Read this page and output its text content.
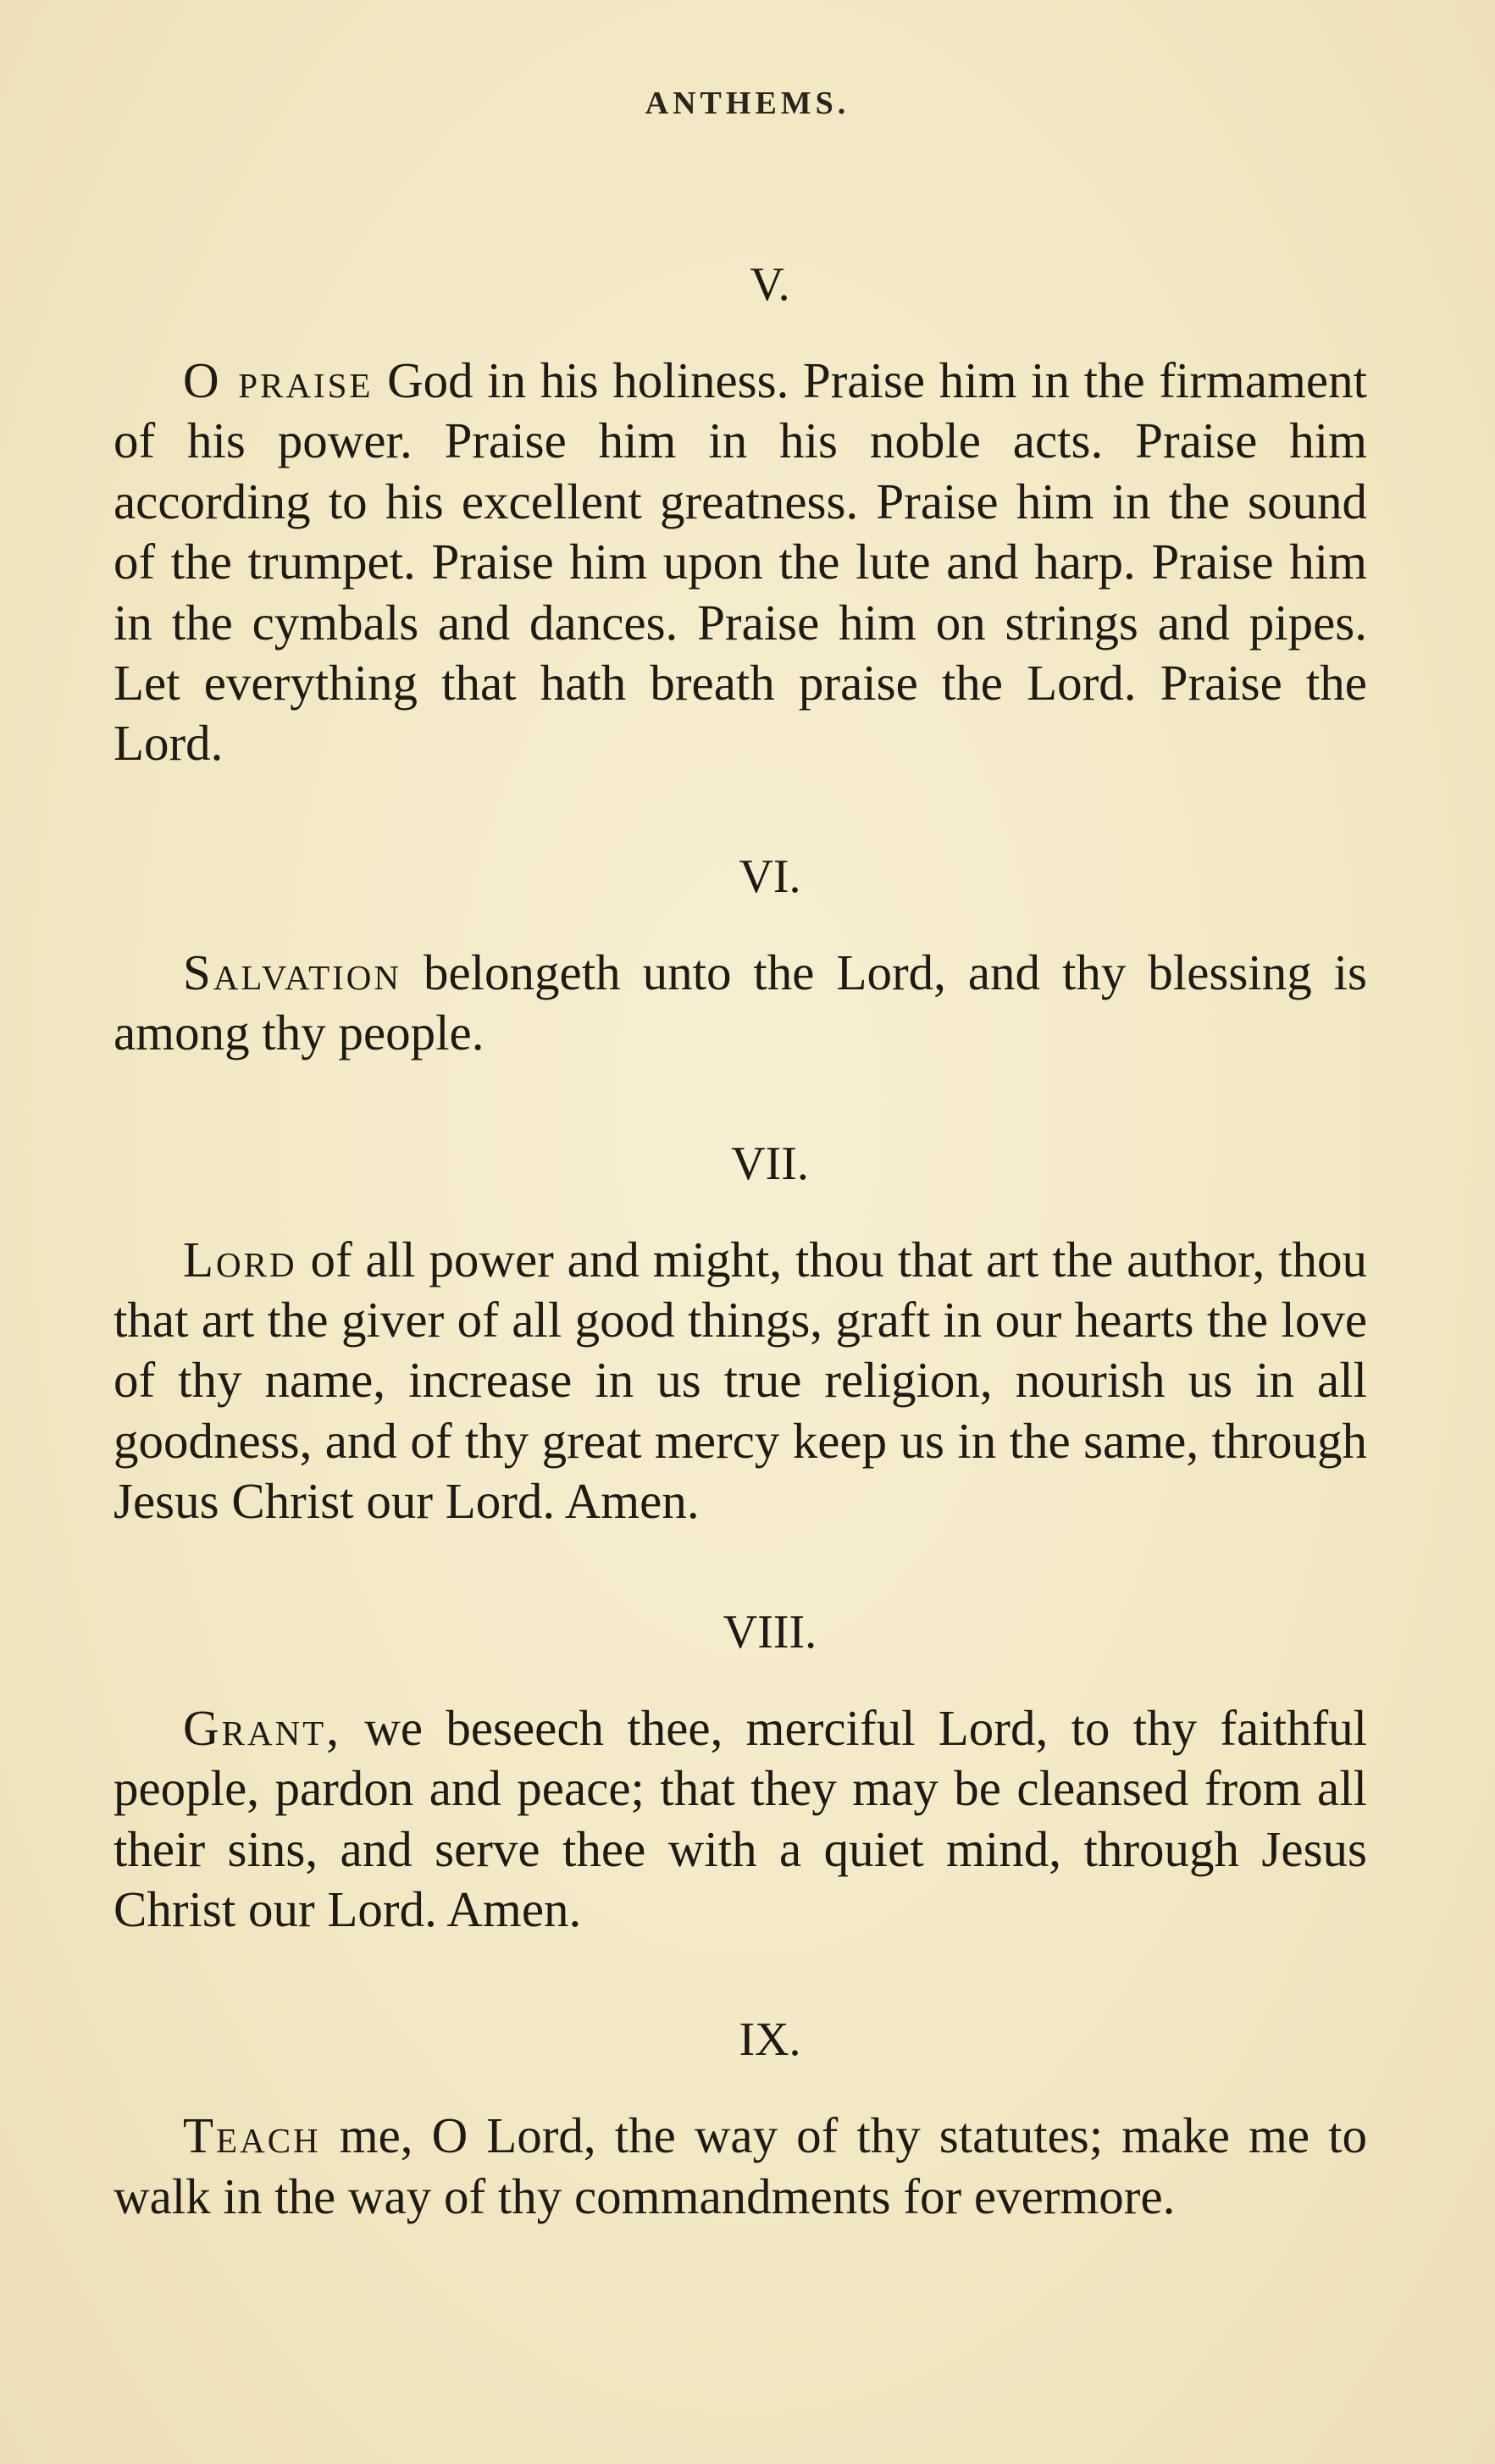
ANTHEMS.
V.

O praise God in his holiness. Praise him in the firmament of his power. Praise him in his noble acts. Praise him according to his excellent greatness. Praise him in the sound of the trumpet. Praise him upon the lute and harp. Praise him in the cymbals and dances. Praise him on strings and pipes. Let everything that hath breath praise the Lord. Praise the Lord.

VI.

Salvation belongeth unto the Lord, and thy blessing is among thy people.

VII.

Lord of all power and might, thou that art the author, thou that art the giver of all good things, graft in our hearts the love of thy name, increase in us true religion, nourish us in all goodness, and of thy great mercy keep us in the same, through Jesus Christ our Lord. Amen.

VIII.

Grant, we beseech thee, merciful Lord, to thy faithful people, pardon and peace; that they may be cleansed from all their sins, and serve thee with a quiet mind, through Jesus Christ our Lord. Amen.

IX.

Teach me, O Lord, the way of thy statutes; make me to walk in the way of thy commandments for evermore.
